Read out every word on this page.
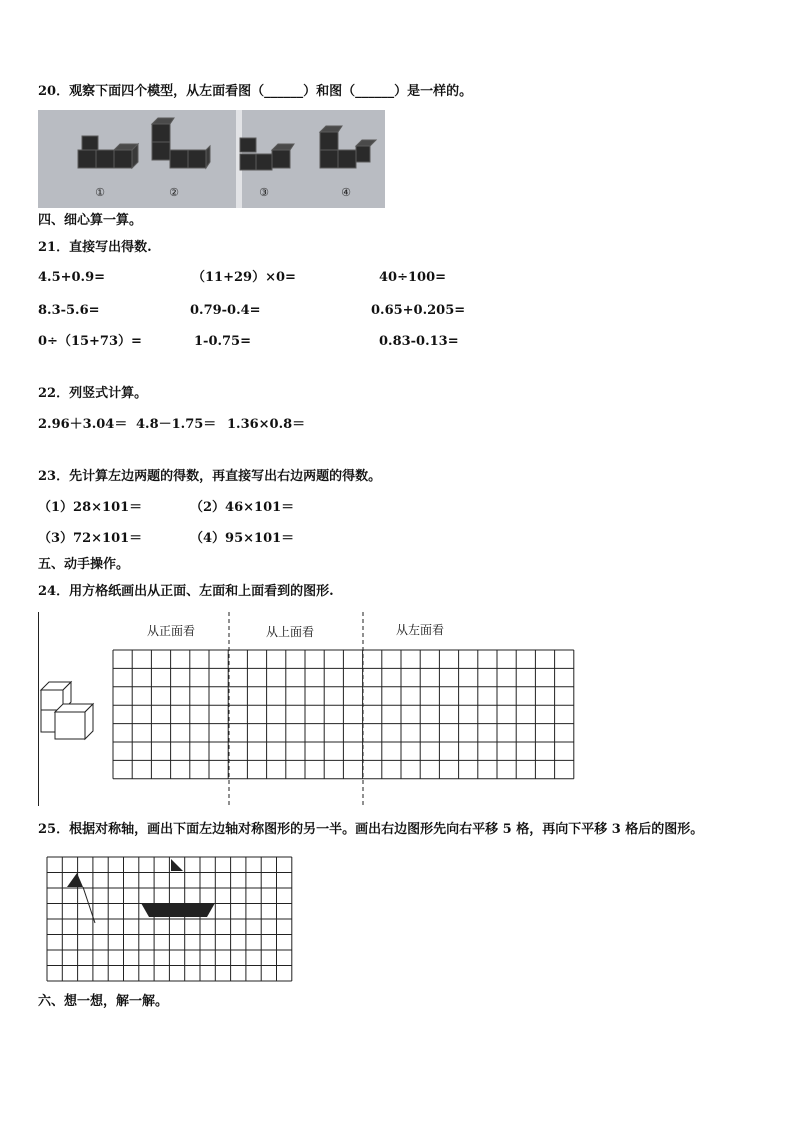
20．观察下面四个模型，从左面看图（______）和图（______）是一样的。
①	②	③	④
四、细心算一算。
21．直接写出得数.
4.5+0.9=	（11+29）×0=	40÷100=
8.3-5.6=	0.79-0.4=	0.65+0.205=
0÷（15+73）=	1-0.75=	0.83-0.13=
22．列竖式计算。
2.96＋3.04＝ 4.8－1.75＝ 1.36×0.8＝
23．先计算左边两题的得数，再直接写出右边两题的得数。
（1）28×101＝	（2）46×101＝
（3）72×101＝	（4）95×101＝
五、动手操作。
24．用方格纸画出从正面、左面和上面看到的图形.
从正面看	从上面看	从左面看
25．根据对称轴，画出下面左边轴对称图形的另一半。画出右边图形先向右平移 5 格，再向下平移 3 格后的图形。
六、想一想，解一解。
